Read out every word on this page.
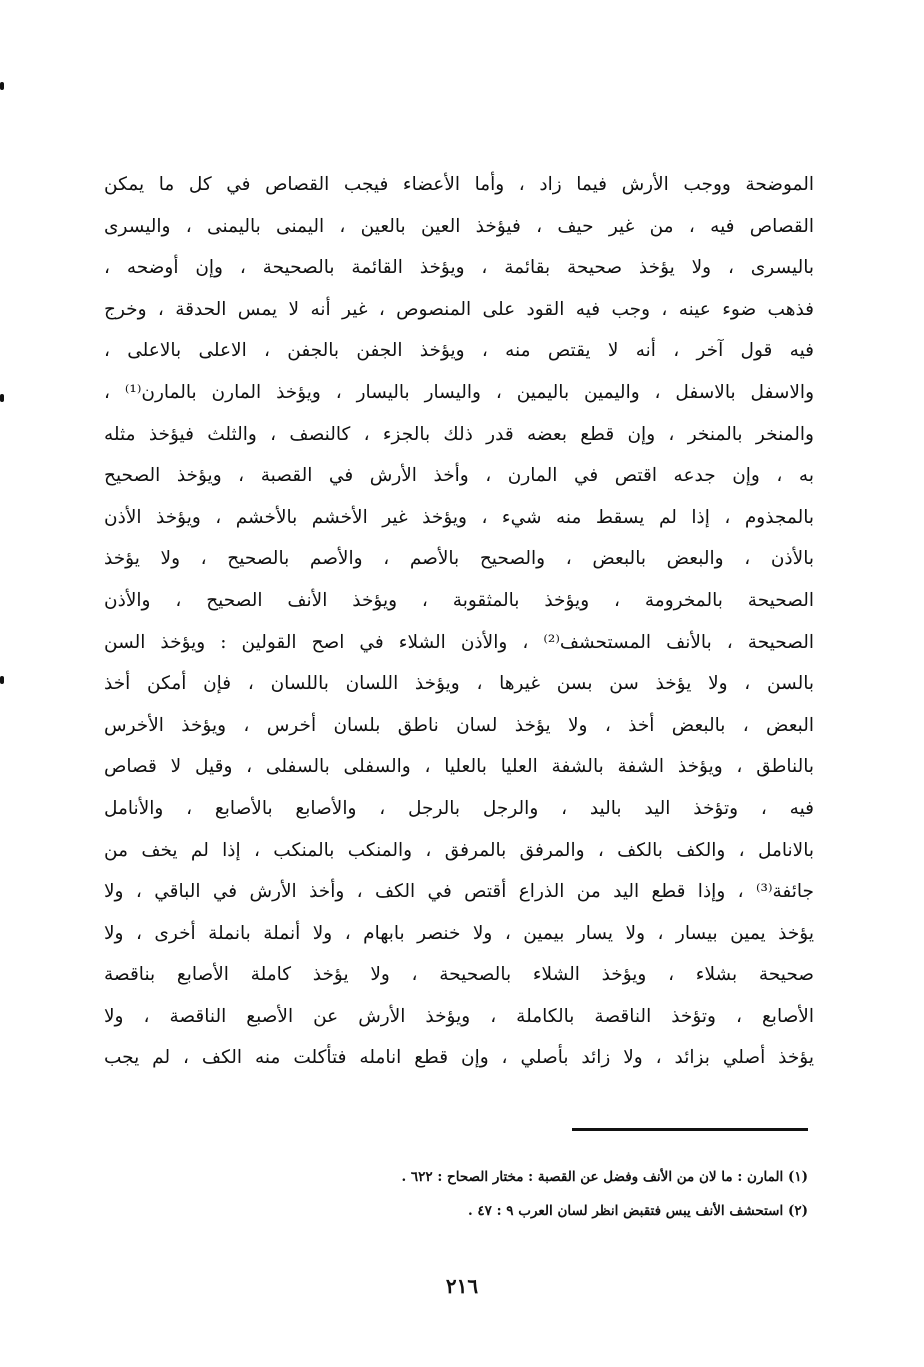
الموضحة ووجب الأرش فيما زاد ، وأما الأعضاء فيجب القصاص في كل ما يمكن
القصاص فيه ، من غير حيف ، فيؤخذ العين بالعين ، اليمنى باليمنى ، واليسرى
باليسرى ، ولا يؤخذ صحيحة بقائمة ، ويؤخذ القائمة بالصحيحة ، وإن أوضحه ،
فذهب ضوء عينه ، وجب فيه القود على المنصوص ، غير أنه لا يمس الحدقة ، وخرج
فيه قول آخر ، أنه لا يقتص منه ، ويؤخذ الجفن بالجفن ، الاعلى بالاعلى ،
والاسفل بالاسفل ، واليمين باليمين ، واليسار باليسار ، ويؤخذ المارن بالمارن⁽¹⁾ ،
والمنخر بالمنخر ، وإن قطع بعضه قدر ذلك بالجزء ، كالنصف ، والثلث فيؤخذ مثله
به ، وإن جدعه اقتص في المارن ، وأخذ الأرش في القصبة ، ويؤخذ الصحيح
بالمجذوم ، إذا لم يسقط منه شيء ، ويؤخذ غير الأخشم بالأخشم ، ويؤخذ الأذن
بالأذن ، والبعض بالبعض ، والصحيح بالأصم ، والأصم بالصحيح ، ولا يؤخذ
الصحيحة بالمخرومة ، ويؤخذ بالمثقوبة ، ويؤخذ الأنف الصحيح ، والأذن
الصحيحة ، بالأنف المستحشف⁽²⁾ ، والأذن الشلاء في اصح القولين : ويؤخذ السن
بالسن ، ولا يؤخذ سن بسن غيرها ، ويؤخذ اللسان باللسان ، فإن أمكن أخذ
البعض ، بالبعض أخذ ، ولا يؤخذ لسان ناطق بلسان أخرس ، ويؤخذ الأخرس
بالناطق ، ويؤخذ الشفة بالشفة العليا بالعليا ، والسفلى بالسفلى ، وقيل لا قصاص
فيه ، وتؤخذ اليد باليد ، والرجل بالرجل ، والأصابع بالأصابع ، والأنامل
بالانامل ، والكف بالكف ، والمرفق بالمرفق ، والمنكب بالمنكب ، إذا لم يخف من
جائفة⁽³⁾ ، وإذا قطع اليد من الذراع أقتص في الكف ، وأخذ الأرش في الباقي ، ولا
يؤخذ يمين بيسار ، ولا يسار بيمين ، ولا خنصر بابهام ، ولا أنملة بانملة أخرى ، ولا
صحيحة بشلاء ، ويؤخذ الشلاء بالصحيحة ، ولا يؤخذ كاملة الأصابع بناقصة
الأصابع ، وتؤخذ الناقصة بالكاملة ، ويؤخذ الأرش عن الأصبع الناقصة ، ولا
يؤخذ أصلي بزائد ، ولا زائد بأصلي ، وإن قطع انامله فتأكلت منه الكف ، لم يجب
(١) المارن : ما لان من الأنف وفضل عن القصبة : مختار الصحاح : ٦٢٢ .
(٢) استحشف الأنف يبس فتقبض انظر لسان العرب ٩ : ٤٧ .
٢١٦
